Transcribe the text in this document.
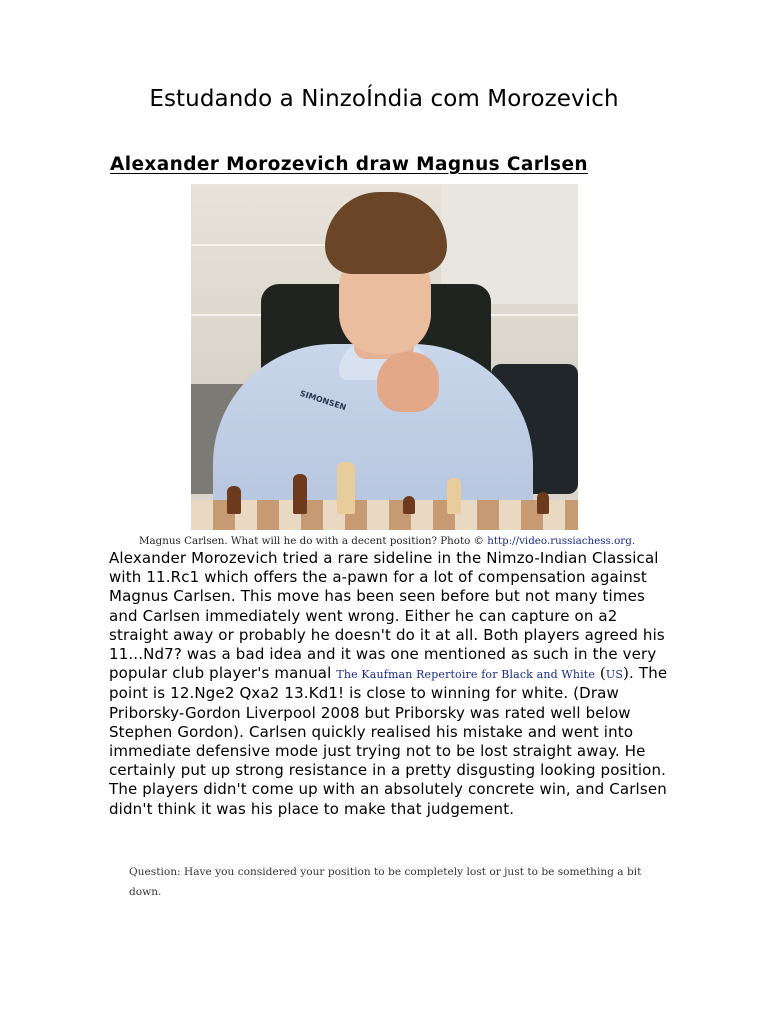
Estudando a NinzoÍndia com Morozevich
Alexander Morozevich draw Magnus Carlsen
SIMONSEN

Magnus Carlsen. What will he do with a decent position? Photo © http://video.russiachess.org.

Alexander Morozevich tried a rare sideline in the Nimzo-Indian Classical with 11.Rc1 which offers the a-pawn for a lot of compensation against Magnus Carlsen. This move has been seen before but not many times and Carlsen immediately went wrong. Either he can capture on a2 straight away or probably he doesn't do it at all. Both players agreed his 11...Nd7? was a bad idea and it was one mentioned as such in the very popular club player's manual The Kaufman Repertoire for Black and White (US). The point is 12.Nge2 Qxa2 13.Kd1! is close to winning for white. (Draw Priborsky-Gordon Liverpool 2008 but Priborsky was rated well below Stephen Gordon). Carlsen quickly realised his mistake and went into immediate defensive mode just trying not to be lost straight away. He certainly put up strong resistance in a pretty disgusting looking position. The players didn't come up with an absolutely concrete win, and Carlsen didn't think it was his place to make that judgement.

Question: Have you considered your position to be completely lost or just to be something a bit down.
